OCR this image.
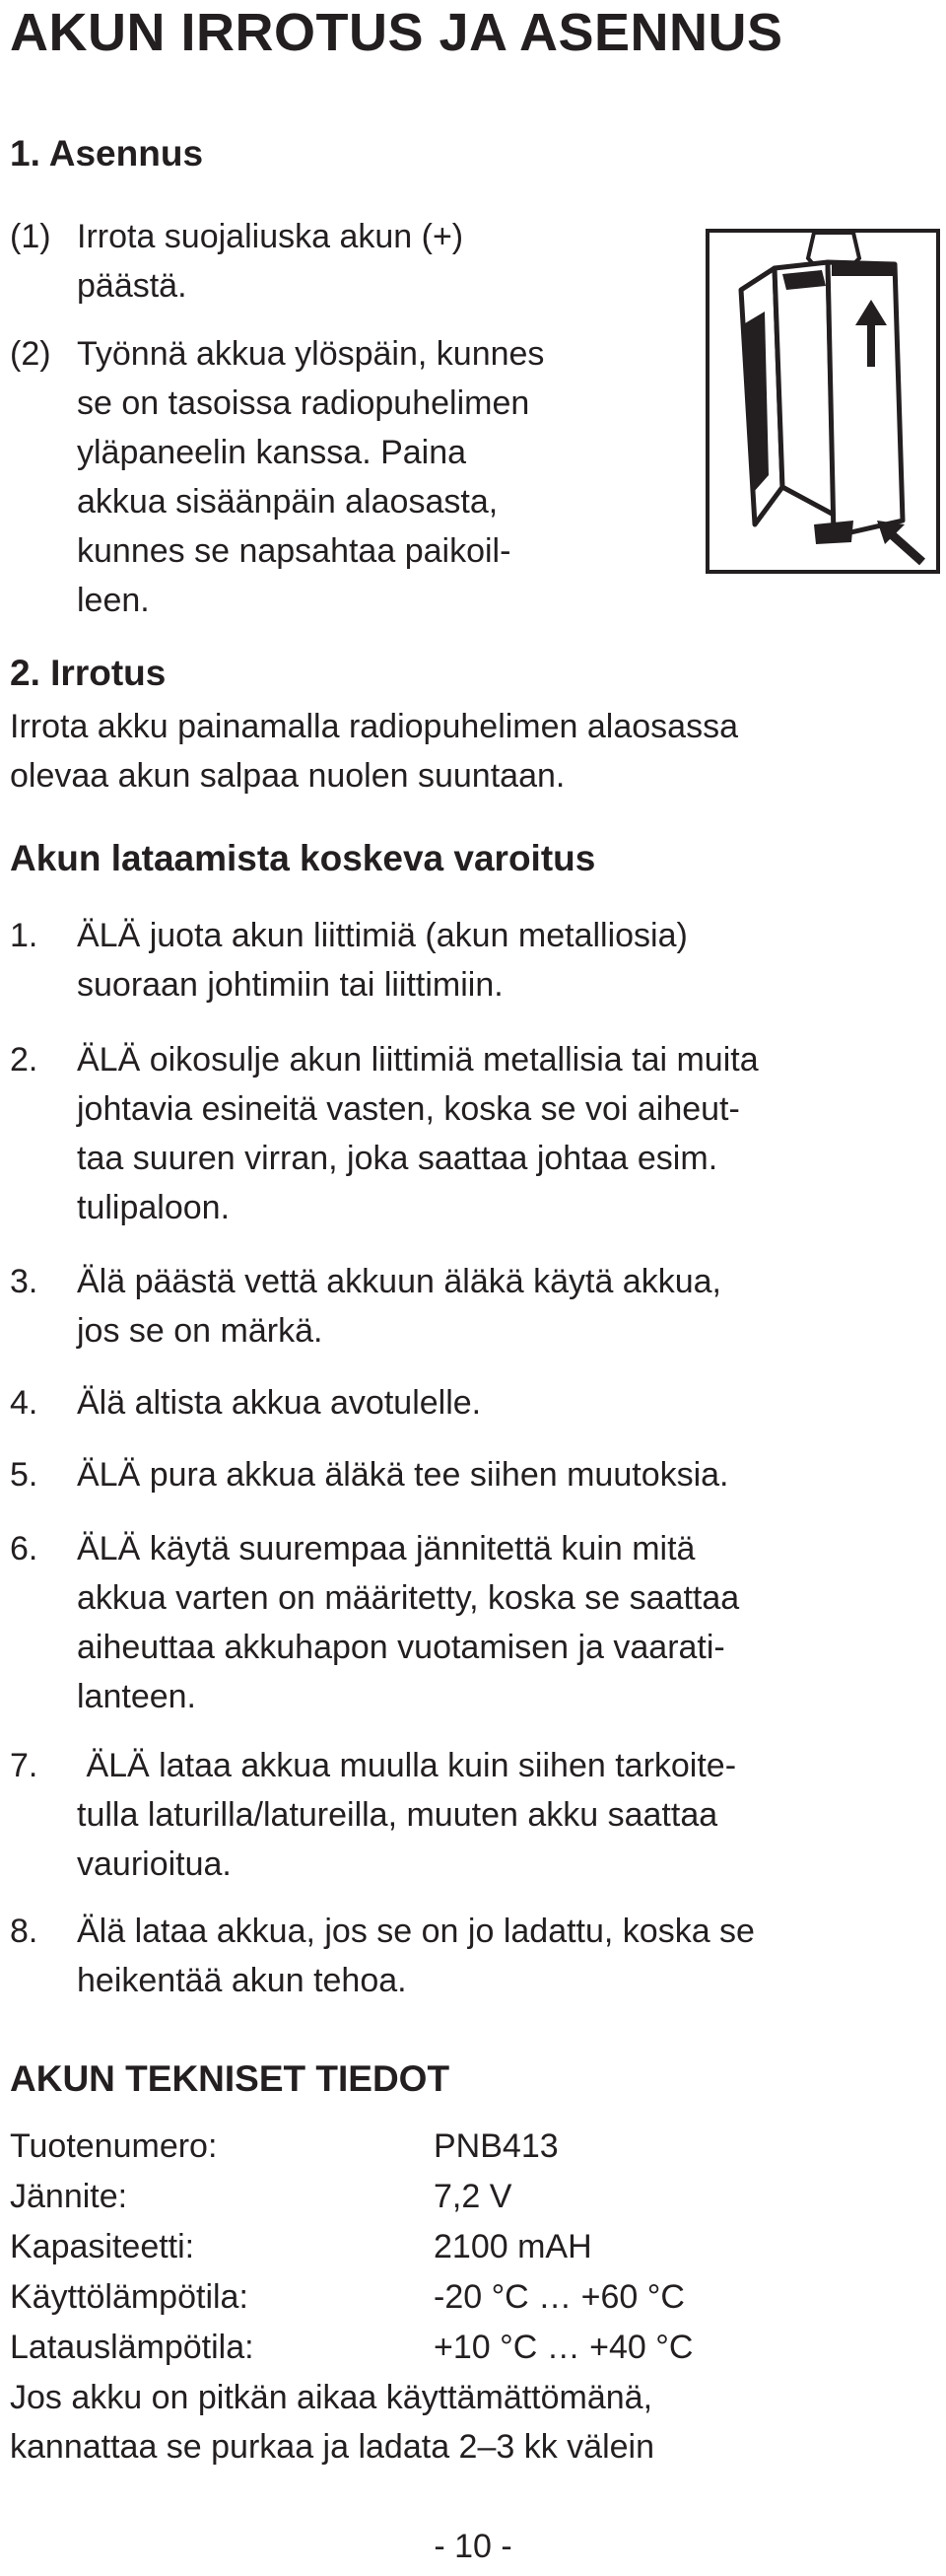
AKUN IRROTUS JA ASENNUS
1. Asennus
(1) Irrota suojaliuska akun (+)
päästä.
(2) Työnnä akkua ylöspäin, kunnes
se on tasoissa radiopuhelimen
yläpaneelin kanssa. Paina
akkua sisäänpäin alaosasta,
kunnes se napsahtaa paikoil-
leen.
2. Irrotus
Irrota akku painamalla radiopuhelimen alaosassa
olevaa akun salpaa nuolen suuntaan.
Akun lataamista koskeva varoitus
1. ÄLÄ juota akun liittimiä (akun metalliosia)
suoraan johtimiin tai liittimiin.
2. ÄLÄ oikosulje akun liittimiä metallisia tai muita
johtavia esineitä vasten, koska se voi aiheut-
taa suuren virran, joka saattaa johtaa esim.
tulipaloon.
3. Älä päästä vettä akkuun äläkä käytä akkua,
jos se on märkä.
4. Älä altista akkua avotulelle.
5. ÄLÄ pura akkua äläkä tee siihen muutoksia.
6. ÄLÄ käytä suurempaa jännitettä kuin mitä
akkua varten on määritetty, koska se saattaa
aiheuttaa akkuhapon vuotamisen ja vaarati-
lanteen.
7. ÄLÄ lataa akkua muulla kuin siihen tarkoite-
tulla laturilla/latureilla, muuten akku saattaa
vaurioitua.
8. Älä lataa akkua, jos se on jo ladattu, koska se
heikentää akun tehoa.
AKUN TEKNISET TIEDOT
Tuotenumero:	PNB413
Jännite:	7,2 V
Kapasiteetti:	2100 mAH
Käyttölämpötila:	-20 °C … +60 °C
Latauslämpötila:	+10 °C … +40 °C
Jos akku on pitkän aikaa käyttämättömänä,
kannattaa se purkaa ja ladata 2–3 kk välein
- 10 -
